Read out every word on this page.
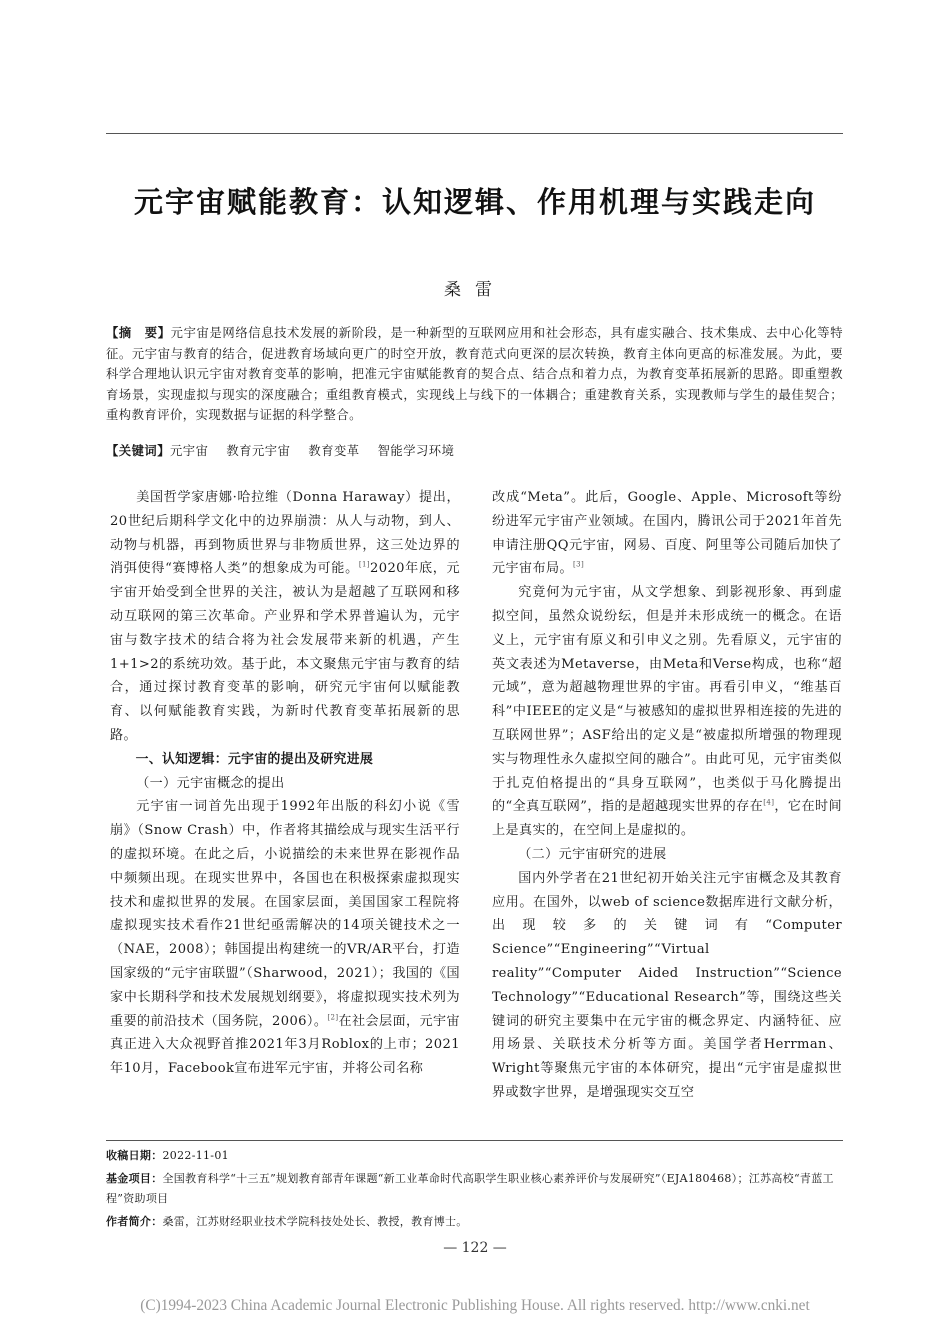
元宇宙赋能教育：认知逻辑、作用机理与实践走向
桑雷
【摘　要】元宇宙是网络信息技术发展的新阶段，是一种新型的互联网应用和社会形态，具有虚实融合、技术集成、去中心化等特征。元宇宙与教育的结合，促进教育场域向更广的时空开放，教育范式向更深的层次转换，教育主体向更高的标准发展。为此，要科学合理地认识元宇宙对教育变革的影响，把准元宇宙赋能教育的契合点、结合点和着力点，为教育变革拓展新的思路。即重塑教育场景，实现虚拟与现实的深度融合；重组教育模式，实现线上与线下的一体耦合；重建教育关系，实现教师与学生的最佳契合；重构教育评价，实现数据与证据的科学整合。
【关键词】元宇宙 教育元宇宙 教育变革 智能学习环境

美国哲学家唐娜·哈拉维（Donna Haraway）提出，20世纪后期科学文化中的边界崩溃：从人与动物，到人、动物与机器，再到物质世界与非物质世界，这三处边界的消弭使得“赛博格人类”的想象成为可能。[1]2020年底，元宇宙开始受到全世界的关注，被认为是超越了互联网和移动互联网的第三次革命。产业界和学术界普遍认为，元宇宙与数字技术的结合将为社会发展带来新的机遇，产生1+1>2的系统功效。基于此，本文聚焦元宇宙与教育的结合，通过探讨教育变革的影响，研究元宇宙何以赋能教育、以何赋能教育实践，为新时代教育变革拓展新的思路。

一、认知逻辑：元宇宙的提出及研究进展

（一）元宇宙概念的提出

元宇宙一词首先出现于1992年出版的科幻小说《雪崩》（Snow Crash）中，作者将其描绘成与现实生活平行的虚拟环境。在此之后，小说描绘的未来世界在影视作品中频频出现。在现实世界中，各国也在积极探索虚拟现实技术和虚拟世界的发展。在国家层面，美国国家工程院将虚拟现实技术看作21世纪亟需解决的14项关键技术之一（NAE，2008）；韩国提出构建统一的VR/AR平台，打造国家级的“元宇宙联盟”（Sharwood，2021）；我国的《国家中长期科学和技术发展规划纲要》，将虚拟现实技术列为重要的前沿技术（国务院，2006）。[2]在社会层面，元宇宙真正进入大众视野首推2021年3月Roblox的上市；2021年10月，Facebook宣布进军元宇宙，并将公司名称

改成“Meta”。此后，Google、Apple、Microsoft等纷纷进军元宇宙产业领域。在国内，腾讯公司于2021年首先申请注册QQ元宇宙，网易、百度、阿里等公司随后加快了元宇宙布局。[3]

究竟何为元宇宙，从文学想象、到影视形象、再到虚拟空间，虽然众说纷纭，但是并未形成统一的概念。在语义上，元宇宙有原义和引申义之别。先看原义，元宇宙的英文表述为Metaverse，由Meta和Verse构成，也称“超元域”，意为超越物理世界的宇宙。再看引申义，“维基百科”中IEEE的定义是“与被感知的虚拟世界相连接的先进的互联网世界”；ASF给出的定义是“被虚拟所增强的物理现实与物理性永久虚拟空间的融合”。由此可见，元宇宙类似于扎克伯格提出的“具身互联网”，也类似于马化腾提出的“全真互联网”，指的是超越现实世界的存在[4]，它在时间上是真实的，在空间上是虚拟的。

（二）元宇宙研究的进展

国内外学者在21世纪初开始关注元宇宙概念及其教育应用。在国外，以web of science数据库进行文献分析，出现较多的关键词有“Computer Science”“Engineering”“Virtual reality”“Computer Aided Instruction”“Science Technology”“Educational Research”等，围绕这些关键词的研究主要集中在元宇宙的概念界定、内涵特征、应用场景、关联技术分析等方面。美国学者Herrman、Wright等聚焦元宇宙的本体研究，提出“元宇宙是虚拟世界或数字世界，是增强现实交互空

收稿日期：2022-11-01
基金项目：全国教育科学“十三五”规划教育部青年课题“新工业革命时代高职学生职业核心素养评价与发展研究”（EJA180468）；江苏高校“青蓝工程”资助项目
作者简介：桑雷，江苏财经职业技术学院科技处处长、教授，教育博士。
— 122 —
(C)1994-2023 China Academic Journal Electronic Publishing House. All rights reserved. http://www.cnki.net
